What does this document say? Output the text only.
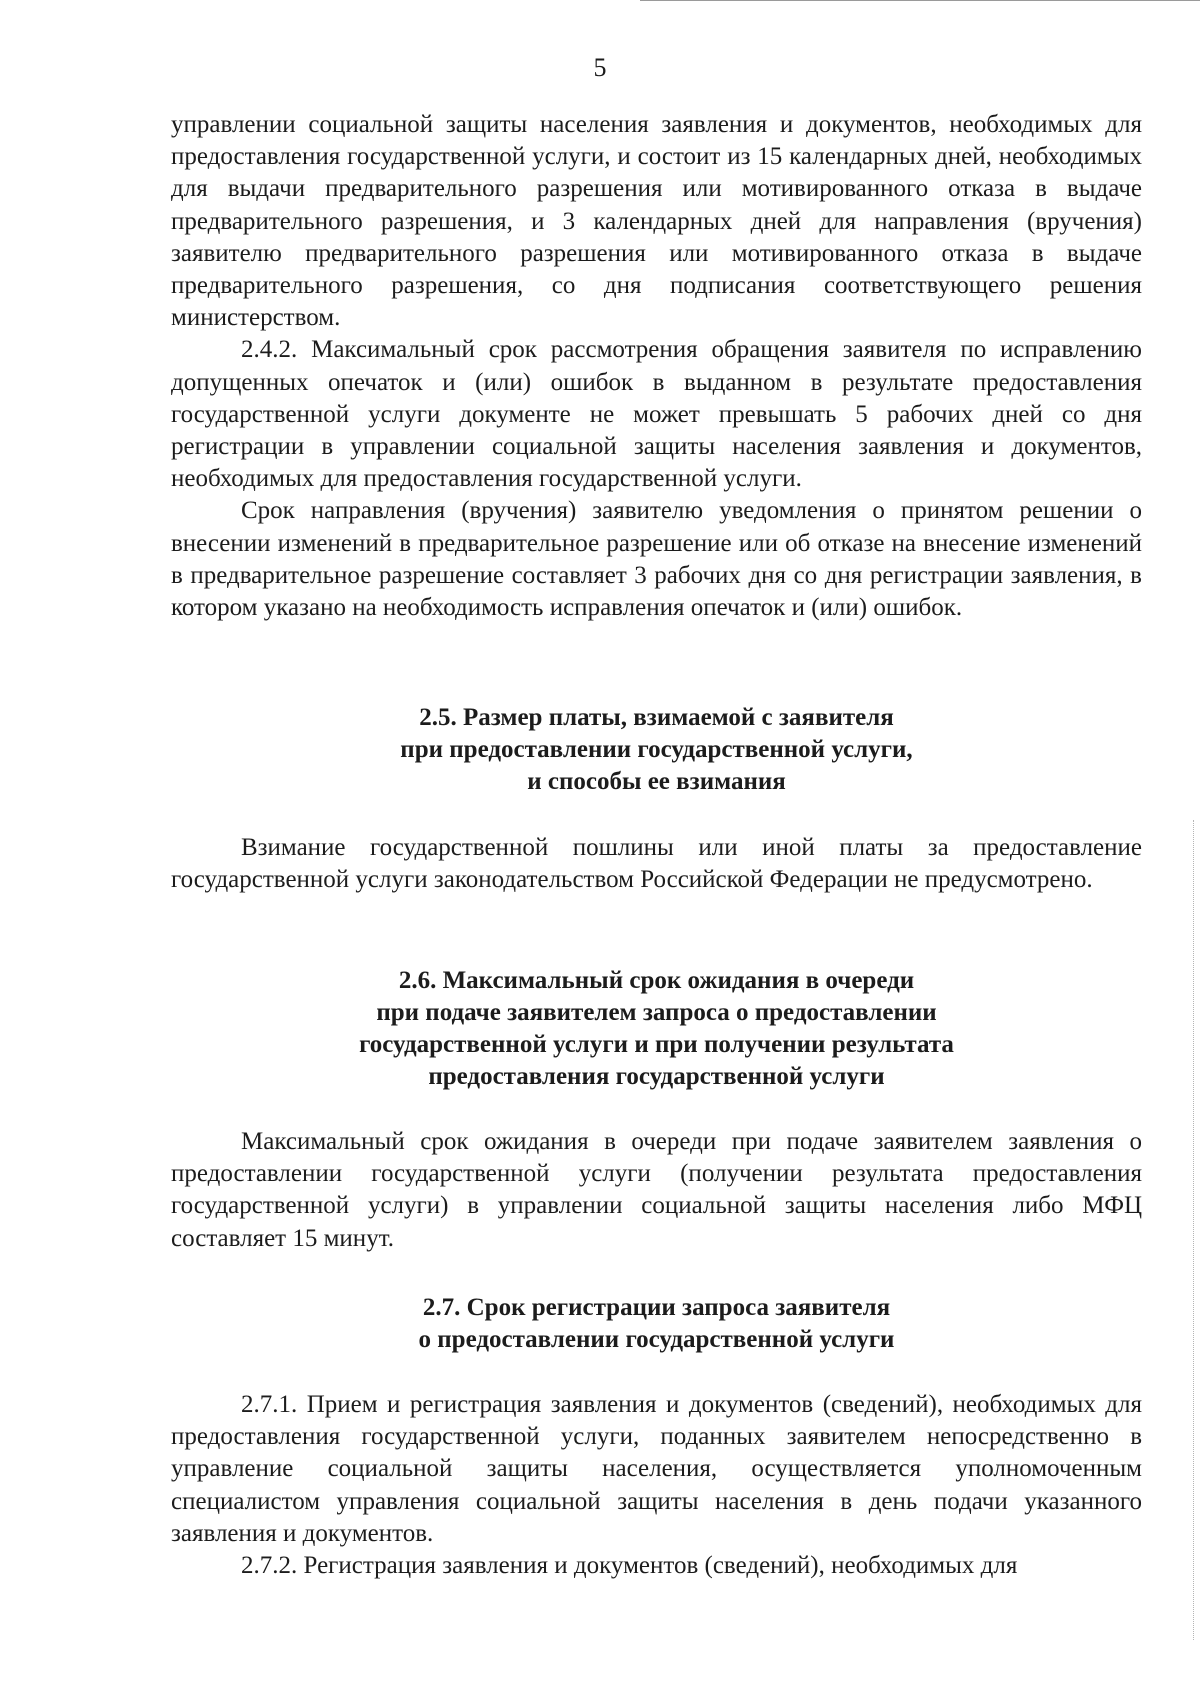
5

управлении социальной защиты населения заявления и документов, необходимых для предоставления государственной услуги, и состоит из 15 календарных дней, необходимых для выдачи предварительного разрешения или мотивированного отказа в выдаче предварительного разрешения, и 3 календарных дней для направления (вручения) заявителю предварительного разрешения или мотивированного отказа в выдаче предварительного разрешения, со дня подписания соответствующего решения министерством.

2.4.2. Максимальный срок рассмотрения обращения заявителя по исправлению допущенных опечаток и (или) ошибок в выданном в результате предоставления государственной услуги документе не может превышать 5 рабочих дней со дня регистрации в управлении социальной защиты населения заявления и документов, необходимых для предоставления государственной услуги.

Срок направления (вручения) заявителю уведомления о принятом решении о внесении изменений в предварительное разрешение или об отказе на внесение изменений в предварительное разрешение составляет 3 рабочих дня со дня регистрации заявления, в котором указано на необходимость исправления опечаток и (или) ошибок.

2.5. Размер платы, взимаемой с заявителя
при предоставлении государственной услуги,
и способы ее взимания

Взимание государственной пошлины или иной платы за предоставление государственной услуги законодательством Российской Федерации не предусмотрено.

2.6. Максимальный срок ожидания в очереди
при подаче заявителем запроса о предоставлении
государственной услуги и при получении результата
предоставления государственной услуги

Максимальный срок ожидания в очереди при подаче заявителем заявления о предоставлении государственной услуги (получении результата предоставления государственной услуги) в управлении социальной защиты населения либо МФЦ составляет 15 минут.

2.7. Срок регистрации запроса заявителя
о предоставлении государственной услуги

2.7.1. Прием и регистрация заявления и документов (сведений), необходимых для предоставления государственной услуги, поданных заявителем непосредственно в управление социальной защиты населения, осуществляется уполномоченным специалистом управления социальной защиты населения в день подачи указанного заявления и документов.

2.7.2. Регистрация заявления и документов (сведений), необходимых для
